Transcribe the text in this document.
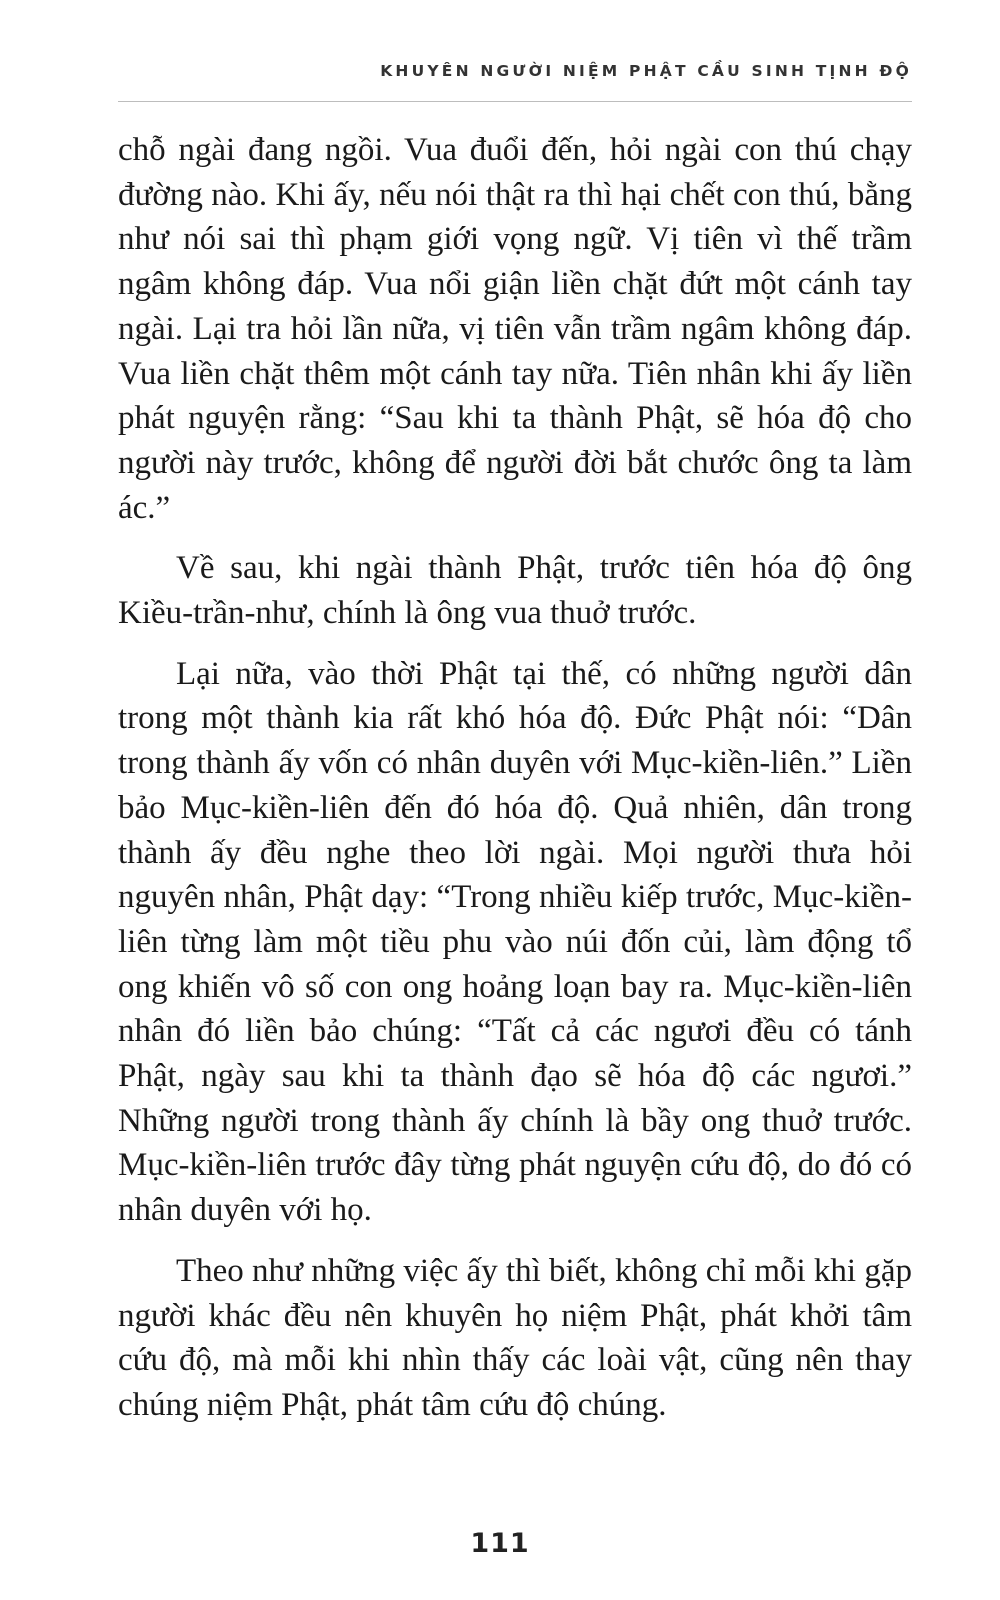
KHUYÊN NGƯỜI NIỆM PHẬT CẦU SINH TỊNH ĐỘ

chỗ ngài đang ngồi. Vua đuổi đến, hỏi ngài con thú chạy đường nào. Khi ấy, nếu nói thật ra thì hại chết con thú, bằng như nói sai thì phạm giới vọng ngữ. Vị tiên vì thế trầm ngâm không đáp. Vua nổi giận liền chặt đứt một cánh tay ngài. Lại tra hỏi lần nữa, vị tiên vẫn trầm ngâm không đáp. Vua liền chặt thêm một cánh tay nữa. Tiên nhân khi ấy liền phát nguyện rằng: “Sau khi ta thành Phật, sẽ hóa độ cho người này trước, không để người đời bắt chước ông ta làm ác.”

Về sau, khi ngài thành Phật, trước tiên hóa độ ông Kiều-trần-như, chính là ông vua thuở trước.

Lại nữa, vào thời Phật tại thế, có những người dân trong một thành kia rất khó hóa độ. Đức Phật nói: “Dân trong thành ấy vốn có nhân duyên với Mục-kiền-liên.” Liền bảo Mục-kiền-liên đến đó hóa độ. Quả nhiên, dân trong thành ấy đều nghe theo lời ngài. Mọi người thưa hỏi nguyên nhân, Phật dạy: “Trong nhiều kiếp trước, Mục-kiền-liên từng làm một tiều phu vào núi đốn củi, làm động tổ ong khiến vô số con ong hoảng loạn bay ra. Mục-kiền-liên nhân đó liền bảo chúng: “Tất cả các ngươi đều có tánh Phật, ngày sau khi ta thành đạo sẽ hóa độ các ngươi.” Những người trong thành ấy chính là bầy ong thuở trước. Mục-kiền-liên trước đây từng phát nguyện cứu độ, do đó có nhân duyên với họ.

Theo như những việc ấy thì biết, không chỉ mỗi khi gặp người khác đều nên khuyên họ niệm Phật, phát khởi tâm cứu độ, mà mỗi khi nhìn thấy các loài vật, cũng nên thay chúng niệm Phật, phát tâm cứu độ chúng.

111
